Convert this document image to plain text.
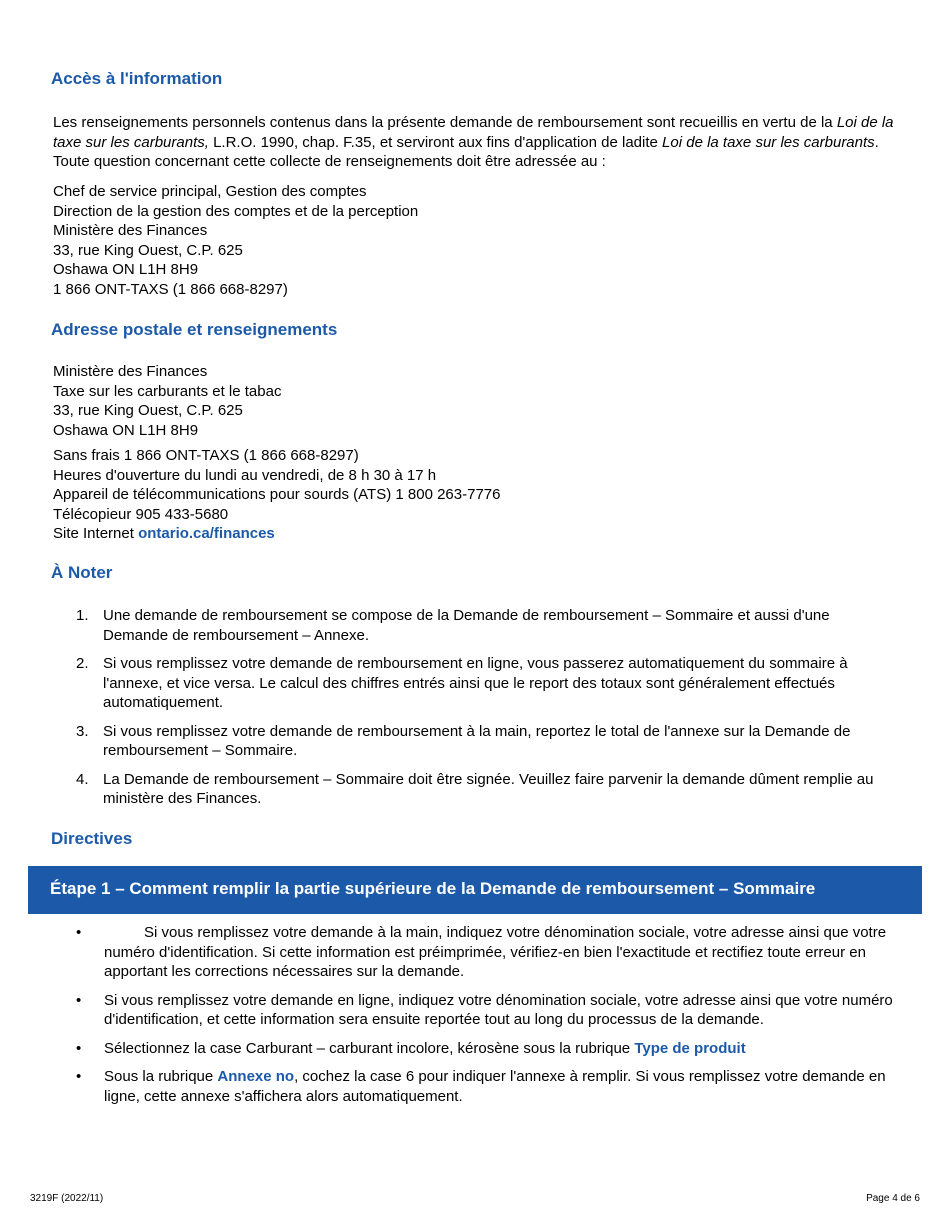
Accès à l'information

Les renseignements personnels contenus dans la présente demande de remboursement sont recueillis en vertu de la Loi de la taxe sur les carburants, L.R.O. 1990, chap. F.35, et serviront aux fins d'application de ladite Loi de la taxe sur les carburants. Toute question concernant cette collecte de renseignements doit être adressée au :

Chef de service principal, Gestion des comptes
Direction de la gestion des comptes et de la perception
Ministère des Finances
33, rue King Ouest, C.P. 625
Oshawa ON L1H 8H9
1 866 ONT-TAXS (1 866 668-8297)
Adresse postale et renseignements
Ministère des Finances
Taxe sur les carburants et le tabac
33, rue King Ouest, C.P. 625
Oshawa ON L1H 8H9
Sans frais 1 866 ONT-TAXS (1 866 668-8297)
Heures d'ouverture du lundi au vendredi, de 8 h 30 à 17 h
Appareil de télécommunications pour sourds (ATS) 1 800 263-7776
Télécopieur 905 433-5680
Site Internet ontario.ca/finances
À Noter
1. Une demande de remboursement se compose de la Demande de remboursement – Sommaire et aussi d'une Demande de remboursement – Annexe.
2. Si vous remplissez votre demande de remboursement en ligne, vous passerez automatiquement du sommaire à l'annexe, et vice versa. Le calcul des chiffres entrés ainsi que le report des totaux sont généralement effectués automatiquement.
3. Si vous remplissez votre demande de remboursement à la main, reportez le total de l'annexe sur la Demande de remboursement – Sommaire.
4. La Demande de remboursement – Sommaire doit être signée. Veuillez faire parvenir la demande dûment remplie au ministère des Finances.
Directives
Étape 1 – Comment remplir la partie supérieure de la Demande de remboursement – Sommaire
•	Si vous remplissez votre demande à la main, indiquez votre dénomination sociale, votre adresse ainsi que votre numéro d'identification. Si cette information est préimprimée, vérifiez-en bien l'exactitude et rectifiez toute erreur en apportant les corrections nécessaires sur la demande.
• Si vous remplissez votre demande en ligne, indiquez votre dénomination sociale, votre adresse ainsi que votre numéro d'identification, et cette information sera ensuite reportée tout au long du processus de la demande.
• Sélectionnez la case Carburant – carburant incolore, kérosène sous la rubrique Type de produit
• Sous la rubrique Annexe no, cochez la case 6 pour indiquer l'annexe à remplir. Si vous remplissez votre demande en ligne, cette annexe s'affichera alors automatiquement.
3219F (2022/11)	Page 4 de 6
